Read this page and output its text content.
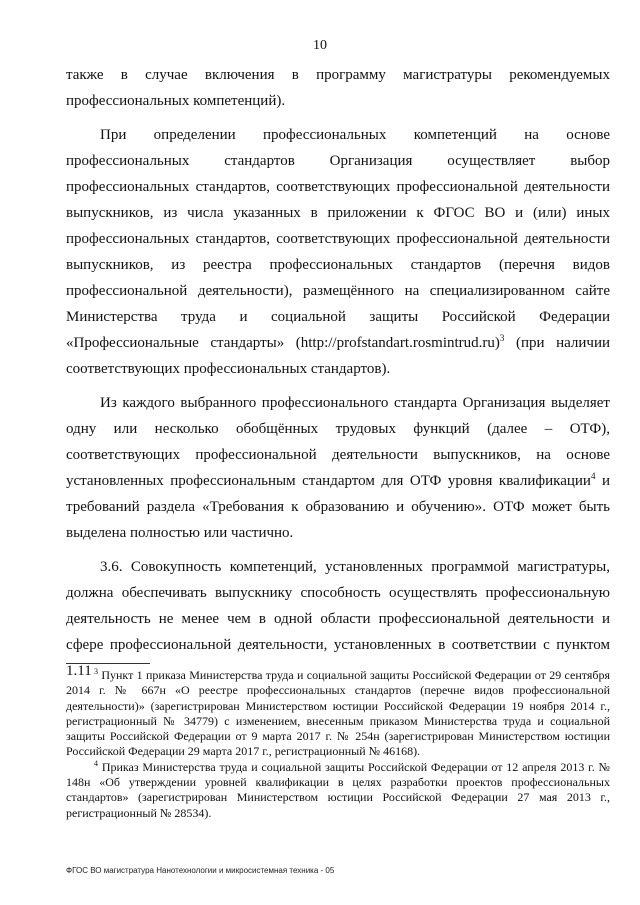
10

также в случае включения в программу магистратуры рекомендуемых профессиональных компетенций).

При определении профессиональных компетенций на основе профессиональных стандартов Организация осуществляет выбор профессиональных стандартов, соответствующих профессиональной деятельности выпускников, из числа указанных в приложении к ФГОС ВО и (или) иных профессиональных стандартов, соответствующих профессиональной деятельности выпускников, из реестра профессиональных стандартов (перечня видов профессиональной деятельности), размещённого на специализированном сайте Министерства труда и социальной защиты Российской Федерации «Профессиональные стандарты» (http://profstandart.rosmintrud.ru)$^3$ (при наличии соответствующих профессиональных стандартов).

Из каждого выбранного профессионального стандарта Организация выделяет одну или несколько обобщённых трудовых функций (далее – ОТФ), соответствующих профессиональной деятельности выпускников, на основе установленных профессиональным стандартом для ОТФ уровня квалификации$^4$ и требований раздела «Требования к образованию и обучению». ОТФ может быть выделена полностью или частично.

3.6. Совокупность компетенций, установленных программой магистратуры, должна обеспечивать выпускнику способность осуществлять профессиональную деятельность не менее чем в одной области профессиональной деятельности и сфере профессиональной деятельности, установленных в соответствии с пунктом 1.11 $^3$ Пункт 1 приказа Министерства труда и социальной защиты Российской Федерации от 29 сентября 2014 г. № 667н «О реестре профессиональных стандартов (перечне видов профессиональной деятельности)» (зарегистрирован Министерством юстиции Российской Федерации 19 ноября 2014 г., регистрационный № 34779) с изменением, внесенным приказом Министерства труда и социальной защиты Российской Федерации от 9 марта 2017 г. № 254н (зарегистрирован Министерством юстиции Российской Федерации 29 марта 2017 г., регистрационный № 46168).

$^4$ Приказ Министерства труда и социальной защиты Российской Федерации от 12 апреля 2013 г. № 148н «Об утверждении уровней квалификации в целях разработки проектов профессиональных стандартов» (зарегистрирован Министерством юстиции Российской Федерации 27 мая 2013 г., регистрационный № 28534).

ФГОС ВО магистратура Нанотехнологии и микросистемная техника - 05
